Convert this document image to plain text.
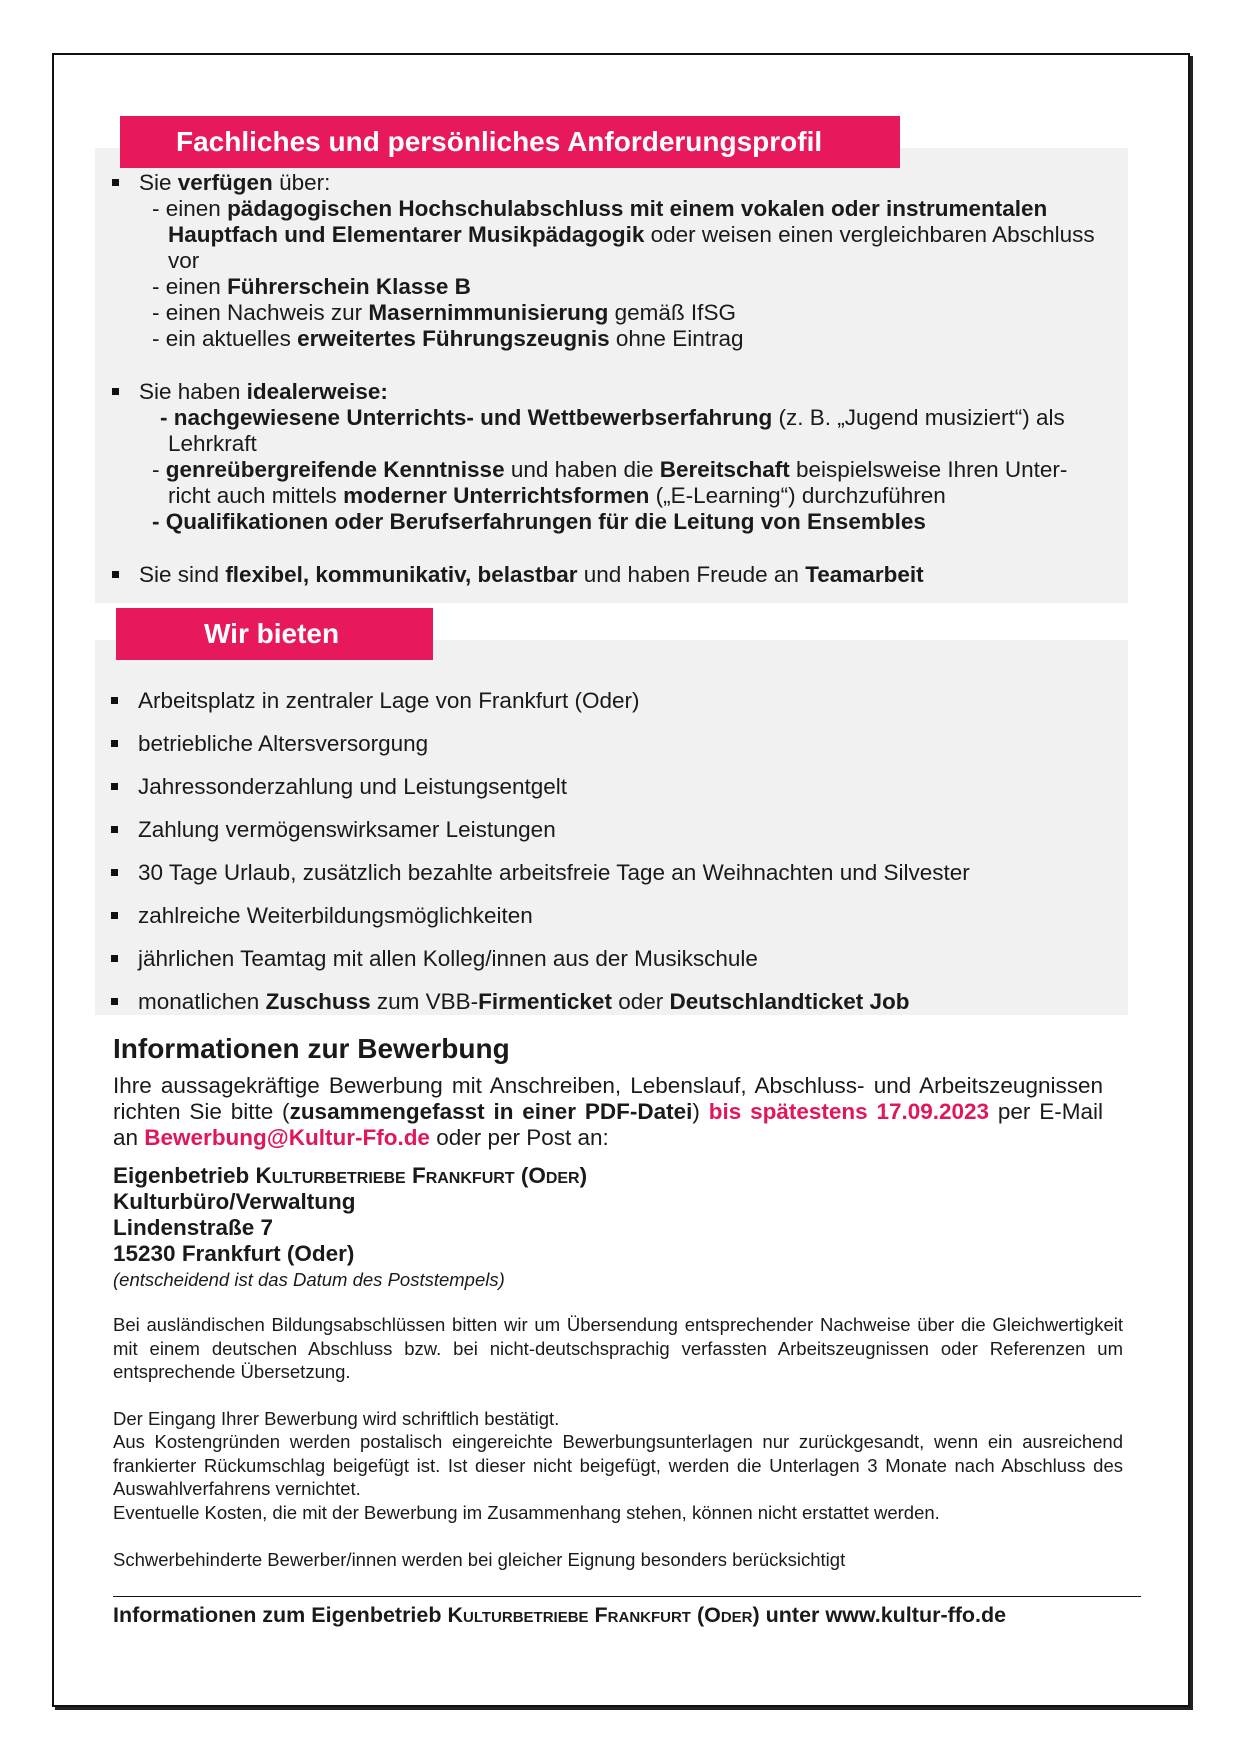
Fachliches und persönliches Anforderungsprofil
Sie verfügen über:
- einen pädagogischen Hochschulabschluss mit einem vokalen oder instrumentalen
Hauptfach und Elementarer Musikpädagogik oder weisen einen vergleichbaren Abschluss
vor
- einen Führerschein Klasse B
- einen Nachweis zur Masernimmunisierung gemäß IfSG
- ein aktuelles erweitertes Führungszeugnis ohne Eintrag
Sie haben idealerweise:
- nachgewiesene Unterrichts- und Wettbewerbserfahrung (z. B. „Jugend musiziert“) als
Lehrkraft
- genreübergreifende Kenntnisse und haben die Bereitschaft beispielsweise Ihren Unter-
richt auch mittels moderner Unterrichtsformen („E-Learning“) durchzuführen
- Qualifikationen oder Berufserfahrungen für die Leitung von Ensembles
Sie sind flexibel, kommunikativ, belastbar und haben Freude an Teamarbeit
Wir bieten
Arbeitsplatz in zentraler Lage von Frankfurt (Oder)
betriebliche Altersversorgung
Jahressonderzahlung und Leistungsentgelt
Zahlung vermögenswirksamer Leistungen
30 Tage Urlaub, zusätzlich bezahlte arbeitsfreie Tage an Weihnachten und Silvester
zahlreiche Weiterbildungsmöglichkeiten
jährlichen Teamtag mit allen Kolleg/innen aus der Musikschule
monatlichen Zuschuss zum VBB-Firmenticket oder Deutschlandticket Job
Informationen zur Bewerbung
Ihre aussagekräftige Bewerbung mit Anschreiben, Lebenslauf, Abschluss- und Arbeitszeugnissen richten Sie bitte (zusammengefasst in einer PDF-Datei) bis spätestens 17.09.2023 per E-Mail an Bewerbung@Kultur-Ffo.de oder per Post an:
Eigenbetrieb Kulturbetriebe Frankfurt (Oder)
Kulturbüro/Verwaltung
Lindenstraße 7
15230 Frankfurt (Oder)
(entscheidend ist das Datum des Poststempels)
Bei ausländischen Bildungsabschlüssen bitten wir um Übersendung entsprechender Nachweise über die Gleichwertigkeit mit einem deutschen Abschluss bzw. bei nicht-deutschsprachig verfassten Arbeitszeugnissen oder Referenzen um entsprechende Übersetzung.
Der Eingang Ihrer Bewerbung wird schriftlich bestätigt.
Aus Kostengründen werden postalisch eingereichte Bewerbungsunterlagen nur zurückgesandt, wenn ein ausreichend frankierter Rückumschlag beigefügt ist. Ist dieser nicht beigefügt, werden die Unterlagen 3 Monate nach Abschluss des Auswahlverfahrens vernichtet.
Eventuelle Kosten, die mit der Bewerbung im Zusammenhang stehen, können nicht erstattet werden.
Schwerbehinderte Bewerber/innen werden bei gleicher Eignung besonders berücksichtigt
Informationen zum Eigenbetrieb Kulturbetriebe Frankfurt (Oder) unter www.kultur-ffo.de
